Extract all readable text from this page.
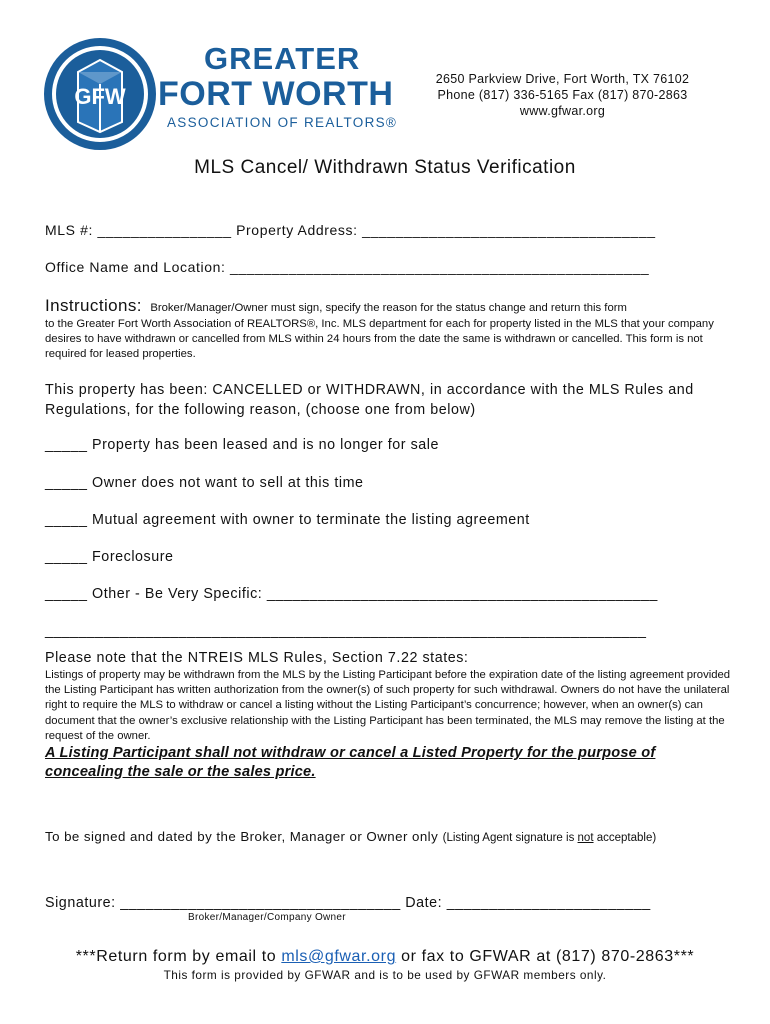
GFW
GREATER
FORT WORTH
ASSOCIATION OF REALTORS®
2650 Parkview Drive, Fort Worth, TX 76102
Phone (817) 336-5165 Fax (817) 870-2863
www.gfwar.org
MLS Cancel/ Withdrawn Status Verification
MLS #: ________________ Property Address: ___________________________________
Office Name and Location: __________________________________________________
Instructions: Broker/Manager/Owner must sign, specify the reason for the status change and return this form
to the Greater Fort Worth Association of REALTORS®, Inc. MLS department for each for property listed in the MLS that your company desires to have withdrawn or cancelled from MLS within 24 hours from the date the same is withdrawn or cancelled. This form is not required for leased properties.
This property has been: CANCELLED or WITHDRAWN, in accordance with the MLS Rules and
Regulations, for the following reason, (choose one from below)
_____ Property has been leased and is no longer for sale
_____ Owner does not want to sell at this time
_____ Mutual agreement with owner to terminate the listing agreement
_____ Foreclosure
_____ Other - Be Very Specific: ______________________________________________
________________________________________________________________________
Please note that the NTREIS MLS Rules, Section 7.22 states:
Listings of property may be withdrawn from the MLS by the Listing Participant before the expiration date of the listing agreement provided the Listing Participant has written authorization from the owner(s) of such property for such withdrawal. Owners do not have the unilateral right to require the MLS to withdraw or cancel a listing without the Listing Participant’s concurrence; however, when an owner(s) can document that the owner’s exclusive relationship with the Listing Participant has been terminated, the MLS may remove the listing at the request of the owner.
A Listing Participant shall not withdraw or cancel a Listed Property for the purpose of
concealing the sale or the sales price.
To be signed and dated by the Broker, Manager or Owner only (Listing Agent signature is not acceptable)
Signature: _________________________________ Date: ________________________
Broker/Manager/Company Owner
***Return form by email to mls@gfwar.org or fax to GFWAR at (817) 870-2863***
This form is provided by GFWAR and is to be used by GFWAR members only.
